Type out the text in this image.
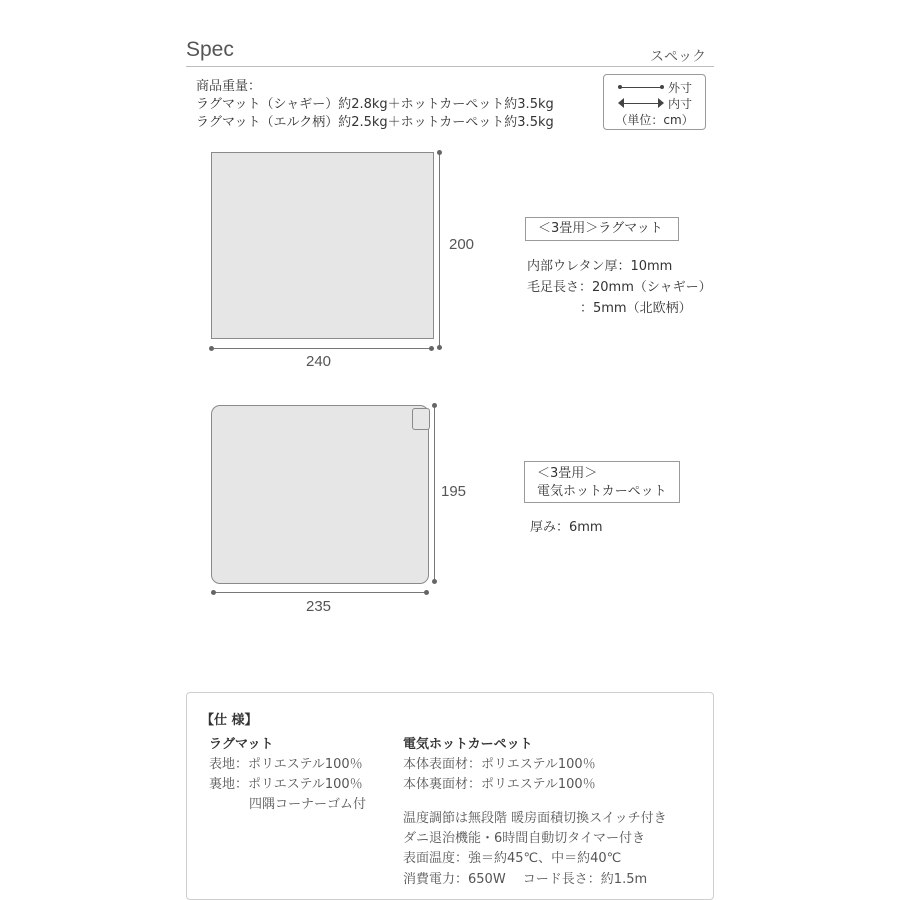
Spec	スペック
商品重量：
ラグマット（シャギー）約2.8kg＋ホットカーペット約3.5kg
ラグマット（エルク柄）約2.5kg＋ホットカーペット約3.5kg
外寸
内寸
（単位：cm）
200
240
＜3畳用＞ラグマット
内部ウレタン厚：10mm
毛足長さ：20mm（シャギー）
：5mm（北欧柄）
195
235
＜3畳用＞
電気ホットカーペット
厚み：6mm
【仕 様】
ラグマット
表地：ポリエステル100％
裏地：ポリエステル100％
四隅コーナーゴム付
電気ホットカーペット
本体表面材：ポリエステル100％
本体裏面材：ポリエステル100％
温度調節は無段階 暖房面積切換スイッチ付き
ダニ退治機能・6時間自動切タイマー付き
表面温度：強＝約45℃、中＝約40℃
消費電力：650W　 コード長さ：約1.5m
